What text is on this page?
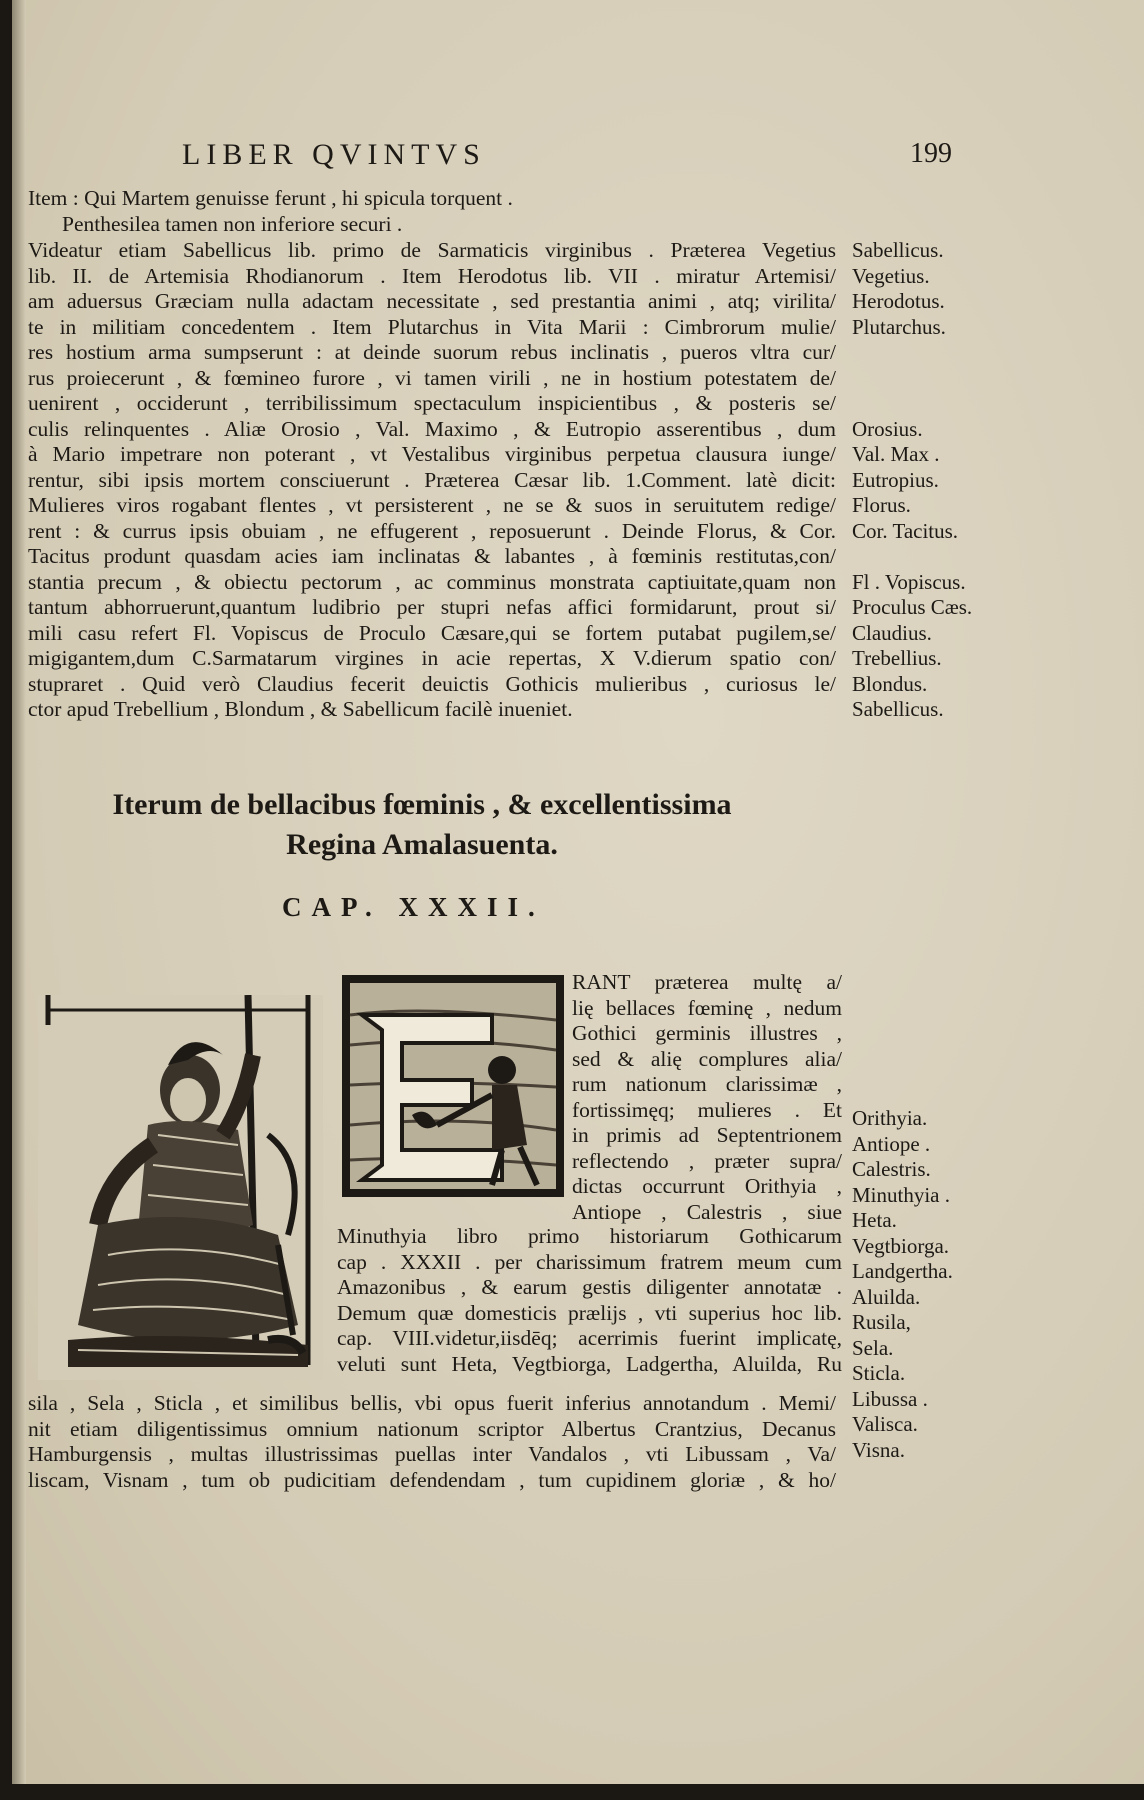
LIBER QVINTVS	199
Item : Qui Martem genuisse ferunt , hi spicula torquent .
Penthesilea tamen non inferiore securi .
Videatur etiam Sabellicus lib. primo de Sarmaticis virginibus . Præterea Vegetius
lib. II. de Artemisia Rhodianorum . Item Herodotus lib. VII . miratur Artemisi/
am aduersus Græciam nulla adactam necessitate , sed prestantia animi , atq; virilita/
te in militiam concedentem . Item Plutarchus in Vita Marii : Cimbrorum mulie/
res hostium arma sumpserunt : at deinde suorum rebus inclinatis , pueros vltra cur/
rus proiecerunt , & fœmineo furore , vi tamen virili , ne in hostium potestatem de/
uenirent , occiderunt , terribilissimum spectaculum inspicientibus , & posteris se/
culis relinquentes . Aliæ Orosio , Val. Maximo , & Eutropio asserentibus , dum
à Mario impetrare non poterant , vt Vestalibus virginibus perpetua clausura iunge/
rentur, sibi ipsis mortem consciuerunt . Præterea Cæsar lib. 1.Comment. latè dicit:
Mulieres viros rogabant flentes , vt persisterent , ne se & suos in seruitutem redige/
rent : & currus ipsis obuiam , ne effugerent , reposuerunt . Deinde Florus, & Cor.
Tacitus produnt quasdam acies iam inclinatas & labantes , à fœminis restitutas,con/
stantia precum , & obiectu pectorum , ac comminus monstrata captiuitate,quam non
tantum abhorruerunt,quantum ludibrio per stupri nefas affici formidarunt, prout si/
mili casu refert Fl. Vopiscus de Proculo Cæsare,qui se fortem putabat pugilem,se/
migigantem,dum C.Sarmatarum virgines in acie repertas, X V.dierum spatio con/
stupraret . Quid verò Claudius fecerit deuictis Gothicis mulieribus , curiosus le/
ctor apud Trebellium , Blondum , & Sabellicum facilè inueniet.
Sabellicus.
Vegetius.
Herodotus.
Plutarchus.

Orosius.
Val. Max .
Eutropius.
Florus.
Cor. Tacitus.

Fl . Vopiscus.
Proculus Cæs.
Claudius.
Trebellius.
Blondus.
Sabellicus.
Iterum de bellacibus fœminis , & excellentissima
Regina Amalasuenta.
CAP. XXXII.
RANT præterea multę a/
lię bellaces fœminę , nedum
Gothici germinis illustres ,
sed & alię complures alia/
rum nationum clarissimæ ,
fortissimęq; mulieres . Et
in primis ad Septentrionem
reflectendo , præter supra/
dictas occurrunt Orithyia ,
Antiope , Calestris , siue
Minuthyia libro primo historiarum Gothicarum
cap . XXXII . per charissimum fratrem meum cum
Amazonibus , & earum gestis diligenter annotatæ .
Demum quæ domesticis prælijs , vti superius hoc lib.
cap. VIII.videtur,iisdēq; acerrimis fuerint implicatę,
veluti sunt Heta, Vegtbiorga, Ladgertha, Aluilda, Ru
sila , Sela , Sticla , et similibus bellis, vbi opus fuerit inferius annotandum . Memi/
nit etiam diligentissimus omnium nationum scriptor Albertus Crantzius, Decanus
Hamburgensis , multas illustrissimas puellas inter Vandalos , vti Libussam , Va/
liscam, Visnam , tum ob pudicitiam defendendam , tum cupidinem gloriæ , & ho/
Orithyia.
Antiope .
Calestris.
Minuthyia .
Heta.
Vegtbiorga.
Landgertha.
Aluilda.
Rusila,
Sela.
Sticla.
Libussa .
Valisca.
Visna.
